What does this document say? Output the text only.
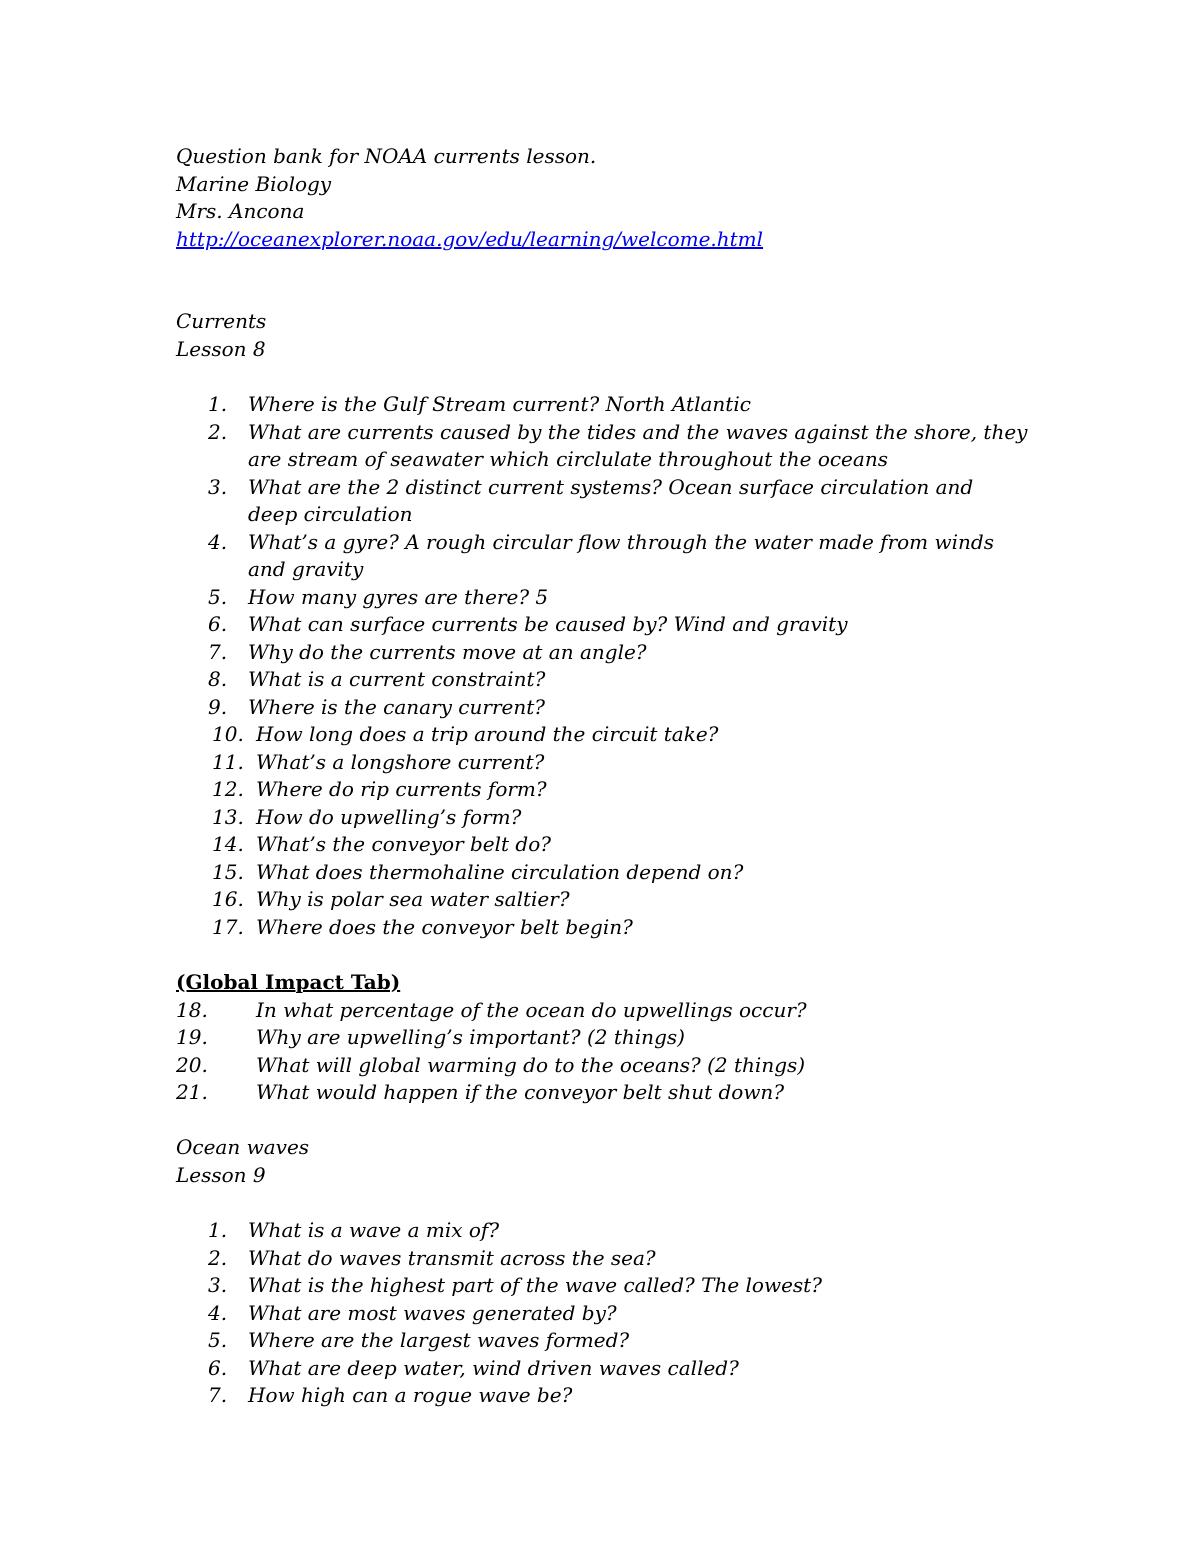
Question bank for NOAA currents lesson.
Marine Biology
Mrs. Ancona
http://oceanexplorer.noaa.gov/edu/learning/welcome.html
Currents
Lesson 8
1. Where is the Gulf Stream current? North Atlantic
2. What are currents caused by the tides and the waves against the shore, they are stream of seawater which circlulate throughout the oceans
3. What are the 2 distinct current systems? Ocean surface circulation and deep circulation
4. What’s a gyre? A rough circular flow through the water made from winds and gravity
5. How many gyres are there? 5
6. What can surface currents be caused by? Wind and gravity
7. Why do the currents move at an angle?
8. What is a current constraint?
9. Where is the canary current?
10. How long does a trip around the circuit take?
11. What’s a longshore current?
12. Where do rip currents form?
13. How do upwelling’s form?
14. What’s the conveyor belt do?
15. What does thermohaline circulation depend on?
16. Why is polar sea water saltier?
17. Where does the conveyor belt begin?
(Global Impact Tab)
18. In what percentage of the ocean do upwellings occur?
19. Why are upwelling’s important? (2 things)
20. What will global warming do to the oceans? (2 things)
21. What would happen if the conveyor belt shut down?
Ocean waves
Lesson 9
1. What is a wave a mix of?
2. What do waves transmit across the sea?
3. What is the highest part of the wave called? The lowest?
4. What are most waves generated by?
5. Where are the largest waves formed?
6. What are deep water, wind driven waves called?
7. How high can a rogue wave be?
